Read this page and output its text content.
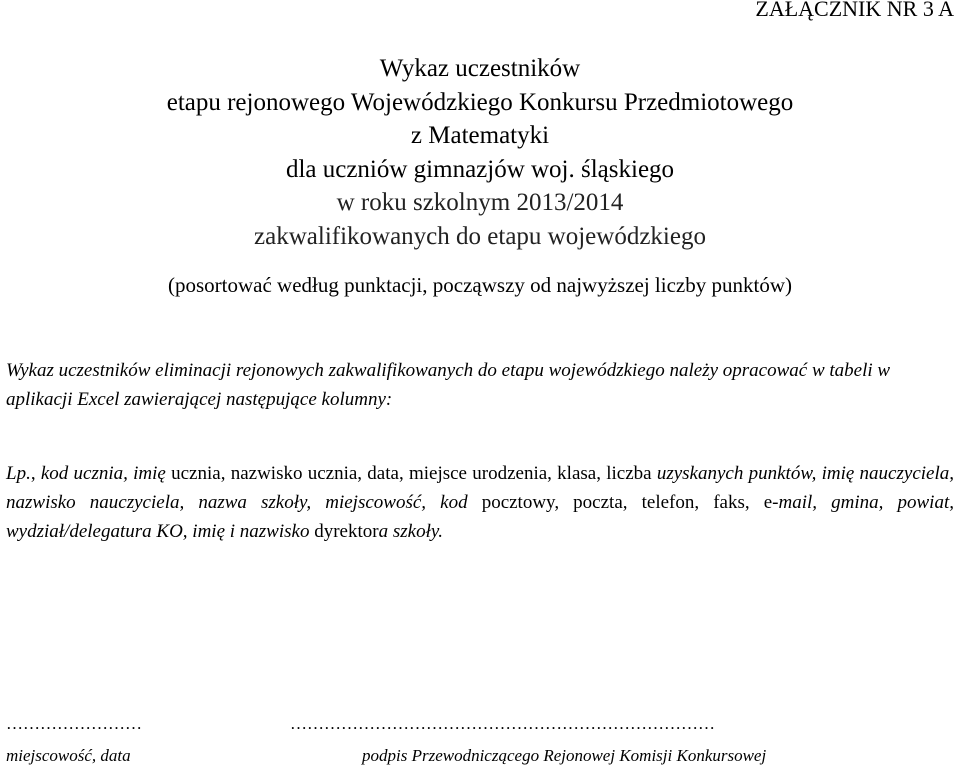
ZAŁĄCZNIK NR 3 A
Wykaz uczestników
etapu rejonowego Wojewódzkiego Konkursu Przedmiotowego
z Matematyki
dla uczniów gimnazjów woj. śląskiego
w roku szkolnym 2013/2014
zakwalifikowanych do etapu wojewódzkiego
(posortować według punktacji, począwszy od najwyższej liczby punktów)
Wykaz uczestników eliminacji rejonowych zakwalifikowanych do etapu wojewódzkiego należy opracować w tabeli w aplikacji Excel zawierającej następujące kolumny:
Lp., kod ucznia, imię ucznia, nazwisko ucznia, data, miejsce urodzenia, klasa, liczba uzyskanych punktów, imię nauczyciela, nazwisko nauczyciela, nazwa szkoły, miejscowość, kod pocztowy, poczta, telefon, faks, e-mail, gmina, powiat, wydział/delegatura KO, imię i nazwisko dyrektora szkoły.
……………………	…………………………………………………………………
miejscowość, data	podpis Przewodniczącego Rejonowej Komisji Konkursowej
